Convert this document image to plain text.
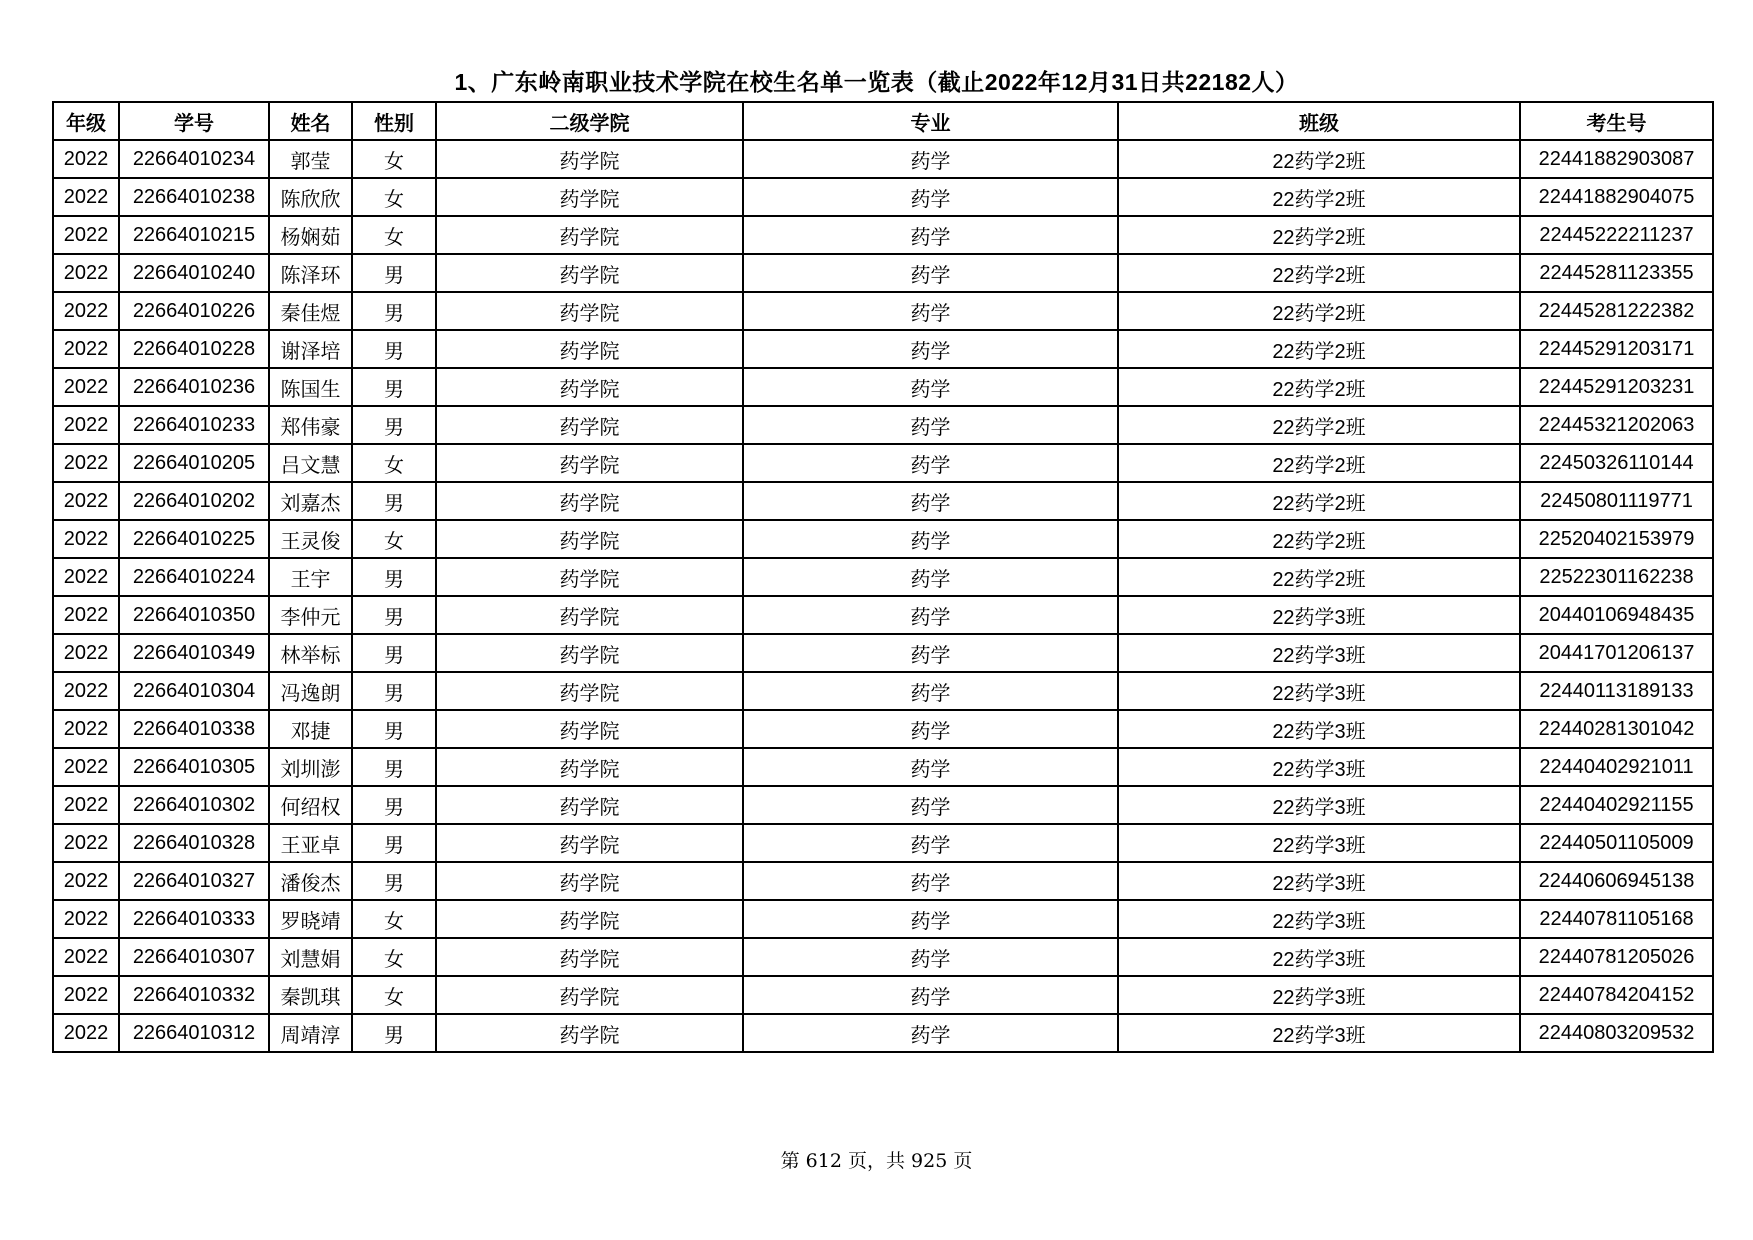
1、广东岭南职业技术学院在校生名单一览表（截止2022年12月31日共22182人）
年级	学号	姓名	性别	二级学院	专业	班级	考生号
2022	22664010234	郭莹	女	药学院	药学	22药学2班	22441882903087
2022	22664010238	陈欣欣	女	药学院	药学	22药学2班	22441882904075
2022	22664010215	杨娴茹	女	药学院	药学	22药学2班	22445222211237
2022	22664010240	陈泽环	男	药学院	药学	22药学2班	22445281123355
2022	22664010226	秦佳煜	男	药学院	药学	22药学2班	22445281222382
2022	22664010228	谢泽培	男	药学院	药学	22药学2班	22445291203171
2022	22664010236	陈国生	男	药学院	药学	22药学2班	22445291203231
2022	22664010233	郑伟豪	男	药学院	药学	22药学2班	22445321202063
2022	22664010205	吕文慧	女	药学院	药学	22药学2班	22450326110144
2022	22664010202	刘嘉杰	男	药学院	药学	22药学2班	22450801119771
2022	22664010225	王灵俊	女	药学院	药学	22药学2班	22520402153979
2022	22664010224	王宇	男	药学院	药学	22药学2班	22522301162238
2022	22664010350	李仲元	男	药学院	药学	22药学3班	20440106948435
2022	22664010349	林举标	男	药学院	药学	22药学3班	20441701206137
2022	22664010304	冯逸朗	男	药学院	药学	22药学3班	22440113189133
2022	22664010338	邓捷	男	药学院	药学	22药学3班	22440281301042
2022	22664010305	刘圳澎	男	药学院	药学	22药学3班	22440402921011
2022	22664010302	何绍权	男	药学院	药学	22药学3班	22440402921155
2022	22664010328	王亚卓	男	药学院	药学	22药学3班	22440501105009
2022	22664010327	潘俊杰	男	药学院	药学	22药学3班	22440606945138
2022	22664010333	罗晓靖	女	药学院	药学	22药学3班	22440781105168
2022	22664010307	刘慧娟	女	药学院	药学	22药学3班	22440781205026
2022	22664010332	秦凯琪	女	药学院	药学	22药学3班	22440784204152
2022	22664010312	周靖淳	男	药学院	药学	22药学3班	22440803209532
第 612 页，共 925 页
